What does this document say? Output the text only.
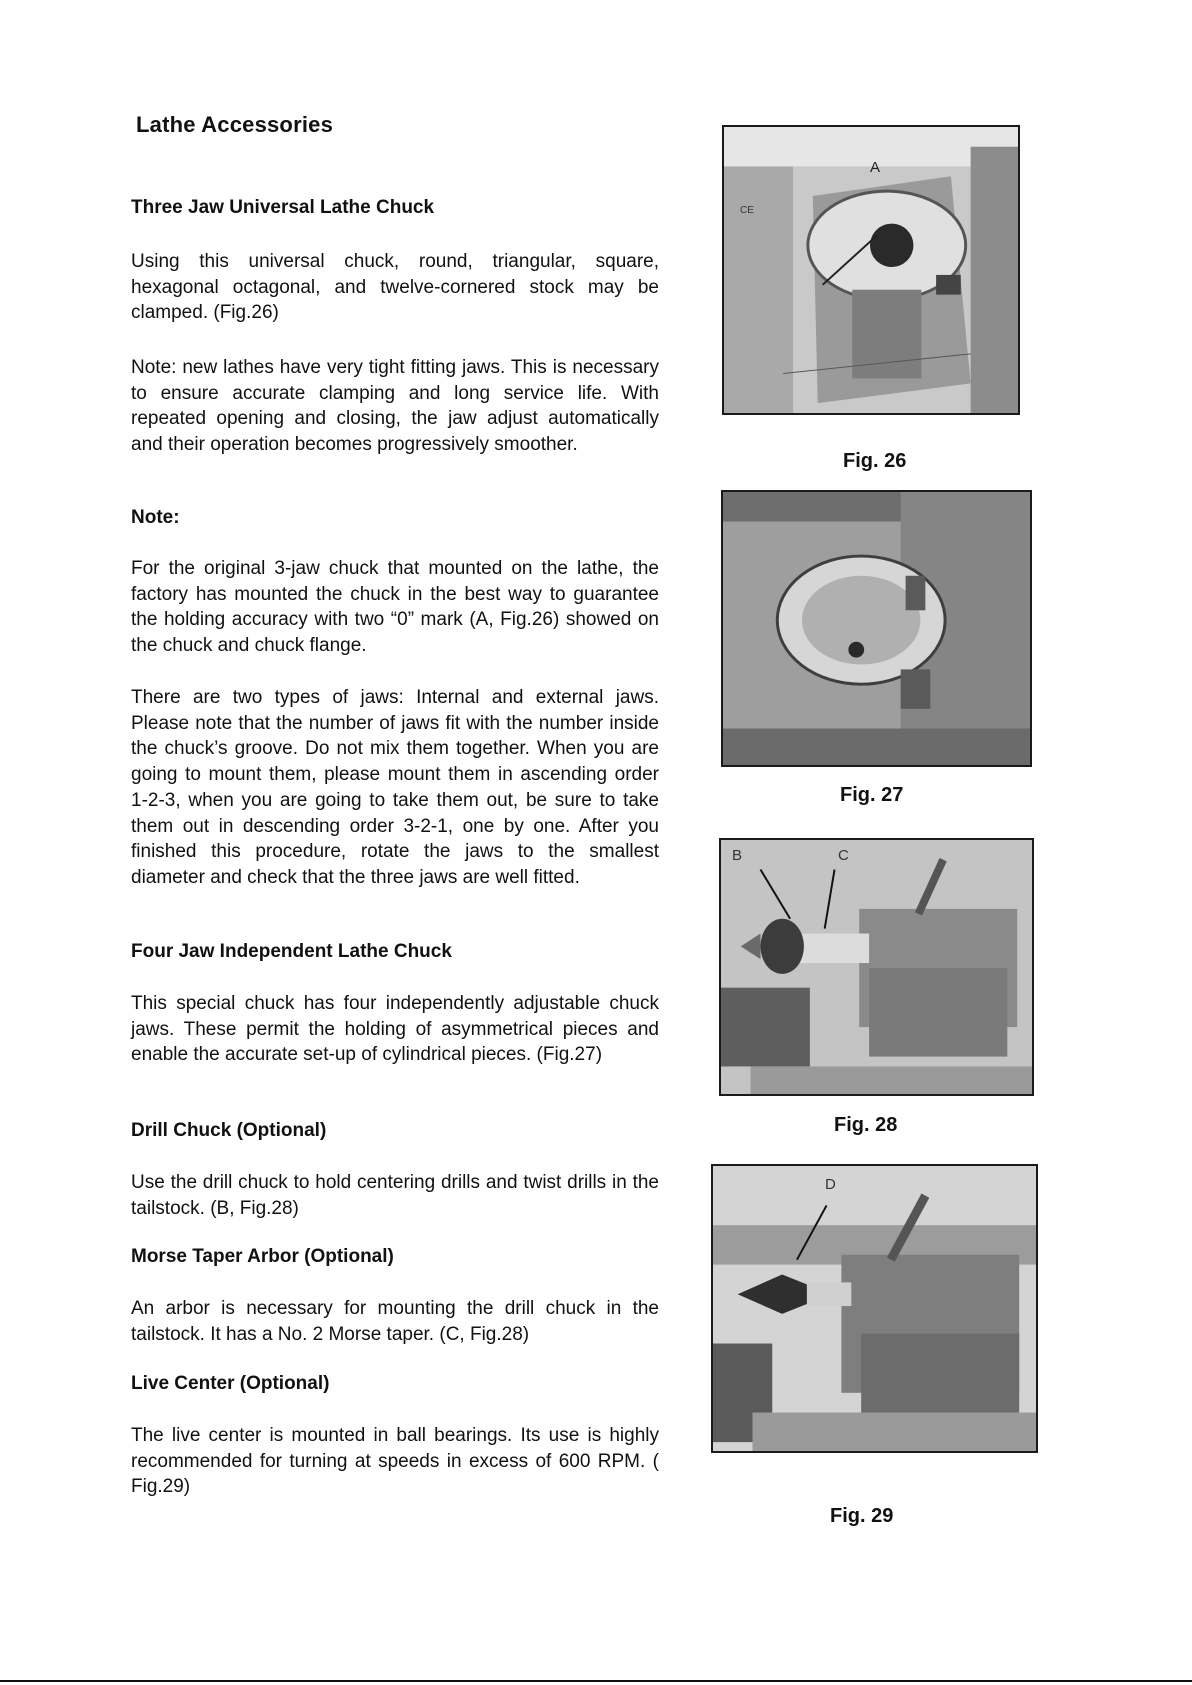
Lathe Accessories
Three Jaw Universal Lathe Chuck

Using this universal chuck, round, triangular, square, hexagonal octagonal, and twelve-cornered stock may be clamped. (Fig.26)

Note: new lathes have very tight fitting jaws. This is necessary to ensure accurate clamping and long service life. With repeated opening and closing, the jaw adjust automatically and their operation becomes progressively smoother.

Note:

For the original 3-jaw chuck that mounted on the lathe, the factory has mounted the chuck in the best way to guarantee the holding accuracy with two “0” mark (A, Fig.26) showed on the chuck and chuck flange.

There are two types of jaws: Internal and external jaws. Please note that the number of jaws fit with the number inside the chuck’s groove. Do not mix them together. When you are going to mount them, please mount them in ascending order 1-2-3, when you are going to take them out, be sure to take them out in descending order 3-2-1, one by one. After you finished this procedure, rotate the jaws to the smallest diameter and check that the three jaws are well fitted.

Four Jaw Independent Lathe Chuck

This special chuck has four independently adjustable chuck jaws. These permit the holding of asymmetrical pieces and enable the accurate set-up of cylindrical pieces. (Fig.27)

Drill Chuck (Optional)

Use the drill chuck to hold centering drills and twist drills in the tailstock. (B, Fig.28)

Morse Taper Arbor (Optional)

An arbor is necessary for mounting the drill chuck in the tailstock. It has a No. 2 Morse taper. (C, Fig.28)

Live Center (Optional)

The live center is mounted in ball bearings. Its use is highly recommended for turning at speeds in excess of 600 RPM. ( Fig.29)

A
CE
Fig. 26
Fig. 27
B	C
Fig. 28
D
Fig. 29
